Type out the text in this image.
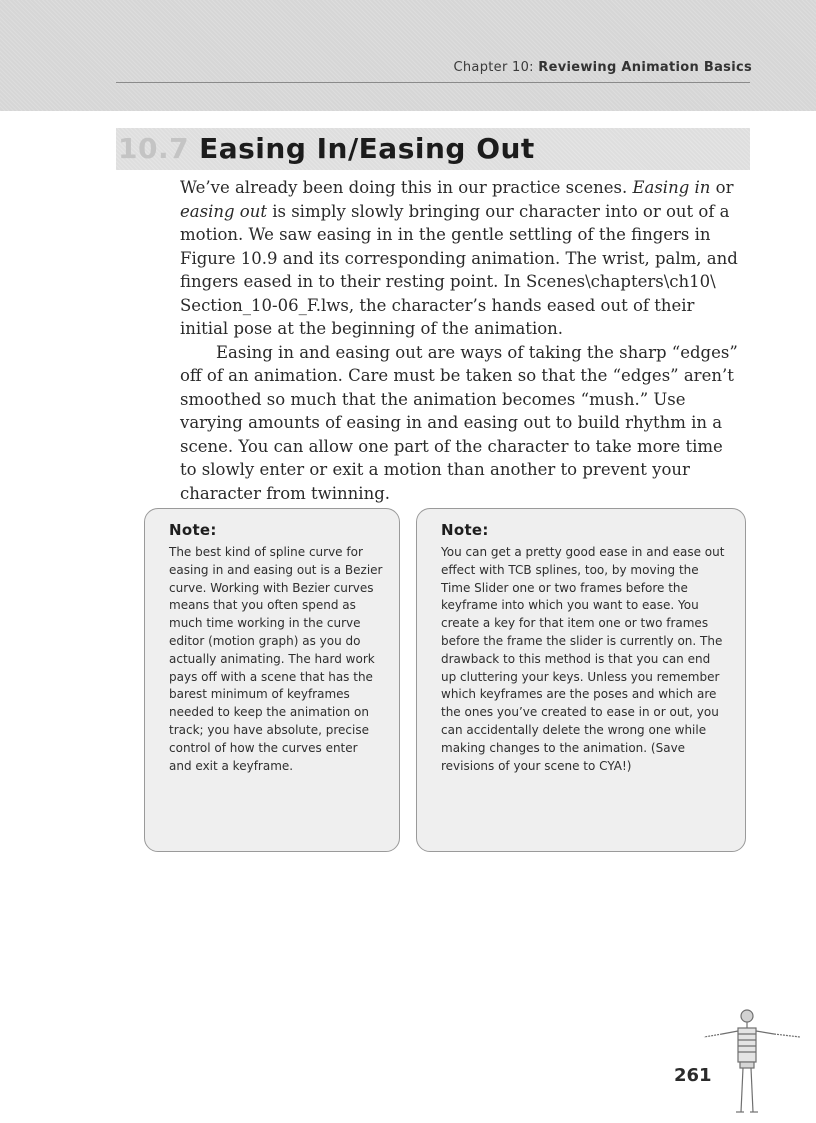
Chapter 10: Reviewing Animation Basics
10.7 Easing In/Easing Out

We’ve already been doing this in our practice scenes. Easing in or easing out is simply slowly bringing our character into or out of a motion. We saw easing in in the gentle settling of the fingers in Figure 10.9 and its corresponding animation. The wrist, palm, and fingers eased in to their resting point. In Scenes\chapters\ch10\ Section_10-06_F.lws, the character’s hands eased out of their initial pose at the beginning of the animation.

Easing in and easing out are ways of taking the sharp “edges” off of an animation. Care must be taken so that the “edges” aren’t smoothed so much that the animation becomes “mush.” Use varying amounts of easing in and easing out to build rhythm in a scene. You can allow one part of the character to take more time to slowly enter or exit a motion than another to prevent your character from twinning.

Note:
The best kind of spline curve for easing in and easing out is a Bezier curve. Working with Bezier curves means that you often spend as much time working in the curve editor (motion graph) as you do actually animating. The hard work pays off with a scene that has the barest minimum of keyframes needed to keep the animation on track; you have absolute, precise control of how the curves enter and exit a keyframe.
Note:
You can get a pretty good ease in and ease out effect with TCB splines, too, by moving the Time Slider one or two frames before the keyframe into which you want to ease. You create a key for that item one or two frames before the frame the slider is currently on. The drawback to this method is that you can end up cluttering your keys. Unless you remember which keyframes are the poses and which are the ones you’ve created to ease in or out, you can accidentally delete the wrong one while making changes to the animation. (Save revisions of your scene to CYA!)
261
